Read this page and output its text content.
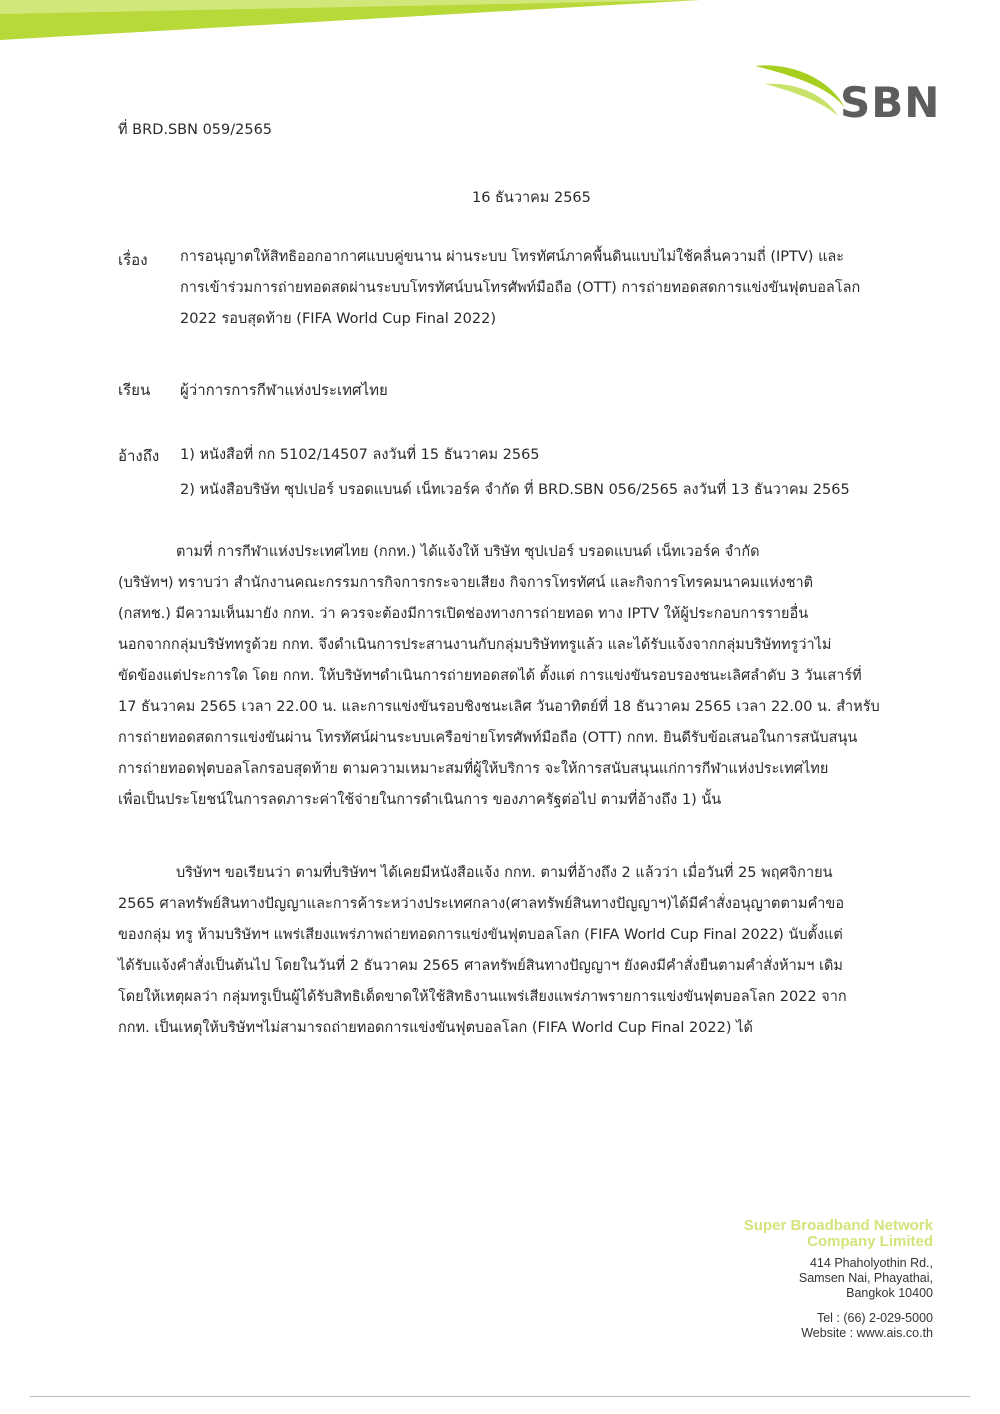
SBN
ที่ BRD.SBN 059/2565
16 ธันวาคม 2565
เรื่อง การอนุญาตให้สิทธิออกอากาศแบบคู่ขนาน ผ่านระบบ โทรทัศน์ภาคพื้นดินแบบไม่ใช้คลื่นความถี่ (IPTV) และ
การเข้าร่วมการถ่ายทอดสดผ่านระบบโทรทัศน์บนโทรศัพท์มือถือ (OTT) การถ่ายทอดสดการแข่งขันฟุตบอลโลก
2022 รอบสุดท้าย (FIFA World Cup Final 2022)
เรียน ผู้ว่าการการกีฬาแห่งประเทศไทย
อ้างถึง 1) หนังสือที่ กก 5102/14507 ลงวันที่ 15 ธันวาคม 2565
2) หนังสือบริษัท ซุปเปอร์ บรอดแบนด์ เน็ทเวอร์ค จำกัด ที่ BRD.SBN 056/2565 ลงวันที่ 13 ธันวาคม 2565
ตามที่ การกีฬาแห่งประเทศไทย (กกท.) ได้แจ้งให้ บริษัท ซุปเปอร์ บรอดแบนด์ เน็ทเวอร์ค จำกัด
(บริษัทฯ) ทราบว่า สำนักงานคณะกรรมการกิจการกระจายเสียง กิจการโทรทัศน์ และกิจการโทรคมนาคมแห่งชาติ
(กสทช.) มีความเห็นมายัง กกท. ว่า ควรจะต้องมีการเปิดช่องทางการถ่ายทอด ทาง IPTV ให้ผู้ประกอบการรายอื่น
นอกจากกลุ่มบริษัททรูด้วย กกท. จึงดำเนินการประสานงานกับกลุ่มบริษัททรูแล้ว และได้รับแจ้งจากกลุ่มบริษัททรูว่าไม่
ขัดข้องแต่ประการใด โดย กกท. ให้บริษัทฯดำเนินการถ่ายทอดสดได้ ตั้งแต่ การแข่งขันรอบรองชนะเลิศลำดับ 3 วันเสาร์ที่
17 ธันวาคม 2565 เวลา 22.00 น. และการแข่งขันรอบชิงชนะเลิศ วันอาทิตย์ที่ 18 ธันวาคม 2565 เวลา 22.00 น. สำหรับ
การถ่ายทอดสดการแข่งขันผ่าน โทรทัศน์ผ่านระบบเครือข่ายโทรศัพท์มือถือ (OTT) กกท. ยินดีรับข้อเสนอในการสนับสนุน
การถ่ายทอดฟุตบอลโลกรอบสุดท้าย ตามความเหมาะสมที่ผู้ให้บริการ จะให้การสนับสนุนแก่การกีฬาแห่งประเทศไทย
เพื่อเป็นประโยชน์ในการลดภาระค่าใช้จ่ายในการดำเนินการ ของภาครัฐต่อไป ตามที่อ้างถึง 1) นั้น
บริษัทฯ ขอเรียนว่า ตามที่บริษัทฯ ได้เคยมีหนังสือแจ้ง กกท. ตามที่อ้างถึง 2 แล้วว่า เมื่อวันที่ 25 พฤศจิกายน
2565 ศาลทรัพย์สินทางปัญญาและการค้าระหว่างประเทศกลาง(ศาลทรัพย์สินทางปัญญาฯ)ได้มีคำสั่งอนุญาตตามคำขอ
ของกลุ่ม ทรู ห้ามบริษัทฯ แพร่เสียงแพร่ภาพถ่ายทอดการแข่งขันฟุตบอลโลก (FIFA World Cup Final 2022) นับตั้งแต่
ได้รับแจ้งคำสั่งเป็นต้นไป โดยในวันที่ 2 ธันวาคม 2565 ศาลทรัพย์สินทางปัญญาฯ ยังคงมีคำสั่งยืนตามคำสั่งห้ามฯ เดิม
โดยให้เหตุผลว่า กลุ่มทรูเป็นผู้ได้รับสิทธิเด็ดขาดให้ใช้สิทธิงานแพร่เสียงแพร่ภาพรายการแข่งขันฟุตบอลโลก 2022 จาก
กกท. เป็นเหตุให้บริษัทฯไม่สามารถถ่ายทอดการแข่งขันฟุตบอลโลก (FIFA World Cup Final 2022) ได้
Super Broadband Network
Company Limited
414 Phaholyothin Rd.,
Samsen Nai, Phayathai,
Bangkok 10400
Tel : (66) 2-029-5000
Website : www.ais.co.th
